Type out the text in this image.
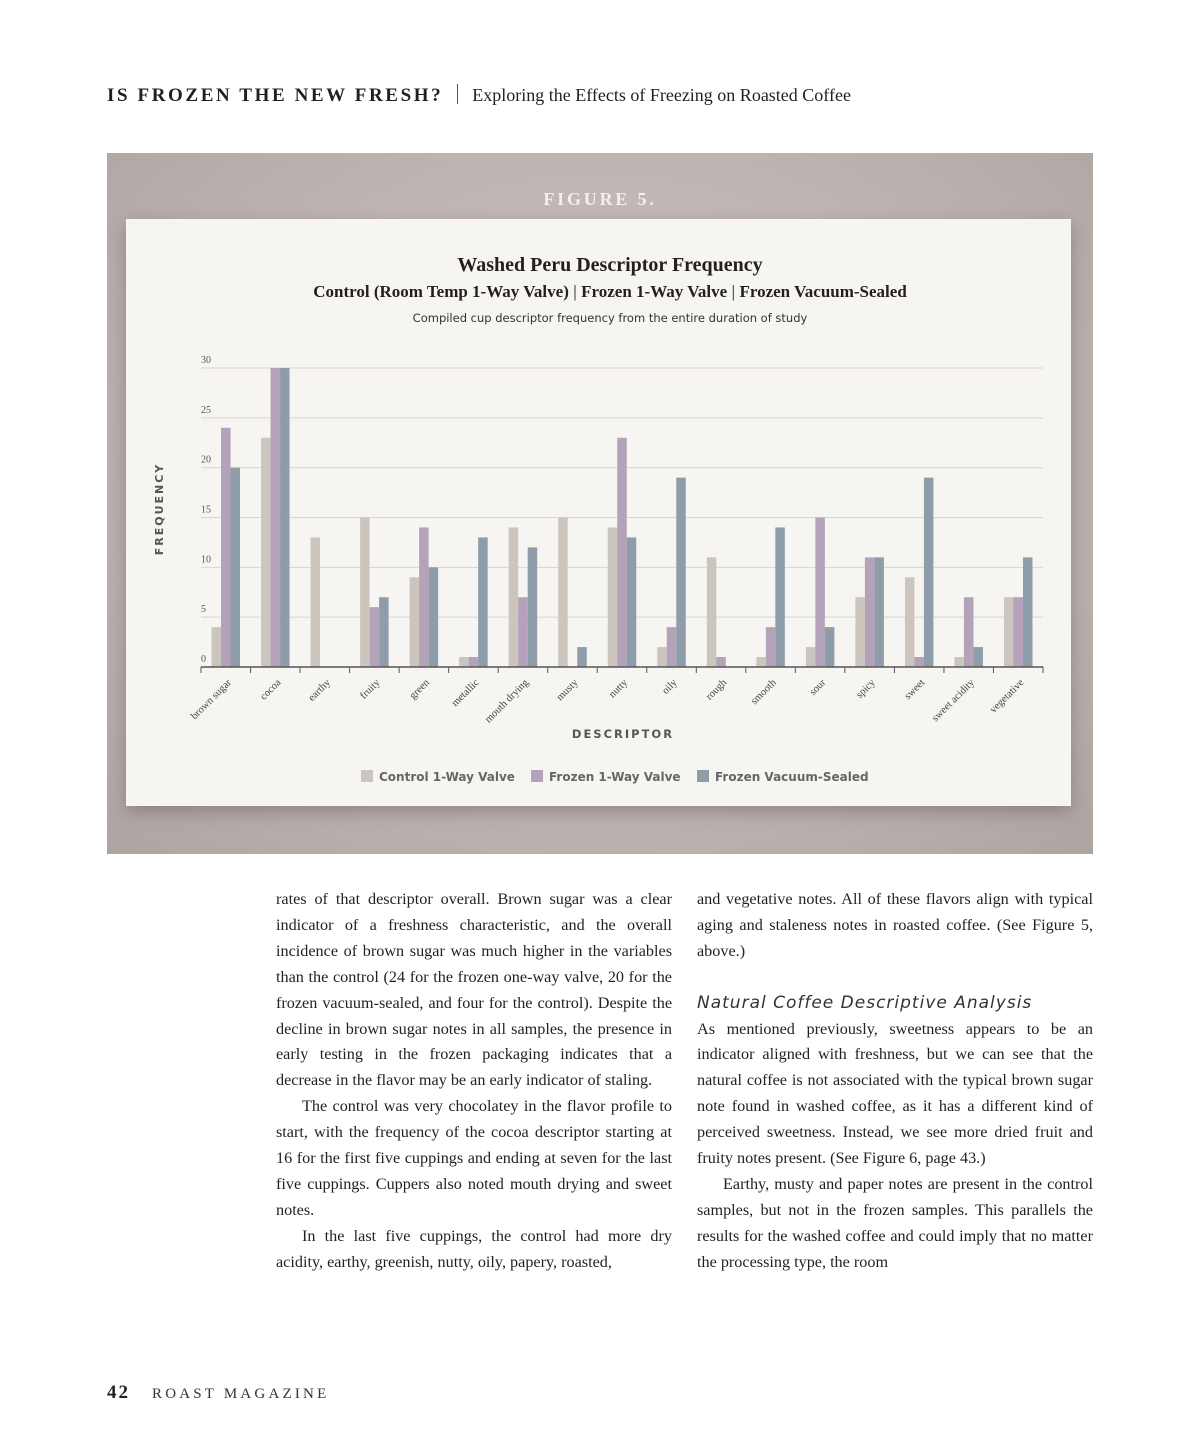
IS FROZEN THE NEW FRESH? Exploring the Effects of Freezing on Roasted Coffee
FIGURE 5.
Washed Peru Descriptor Frequency
Control (Room Temp 1-Way Valve) | Frozen 1-Way Valve | Frozen Vacuum-Sealed
Compiled cup descriptor frequency from the entire duration of study
FREQUENCY
DESCRIPTOR
0
5
10
15
20
25
30
brown sugar cocoa earthy fruity green metallic mouth drying musty	nutty	oily rough smooth	sour spicy sweet sweet acidity vegetative
Control 1-Way Valve	Frozen 1-Way Valve	Frozen Vacuum-Sealed

rates of that descriptor overall. Brown sugar was a clear indicator of a freshness characteristic, and the overall incidence of brown sugar was much higher in the variables than the control (24 for the frozen one-way valve, 20 for the frozen vacuum-sealed, and four for the control). Despite the decline in brown sugar notes in all samples, the presence in early testing in the frozen packaging indicates that a decrease in the flavor may be an early indicator of staling.

The control was very chocolatey in the flavor profile to start, with the frequency of the cocoa descriptor starting at 16 for the first five cuppings and ending at seven for the last five cuppings. Cuppers also noted mouth drying and sweet notes.

In the last five cuppings, the control had more dry acidity, earthy, greenish, nutty, oily, papery, roasted,

and vegetative notes. All of these flavors align with typical aging and staleness notes in roasted coffee. (See Figure 5, above.)

Natural Coffee Descriptive Analysis

As mentioned previously, sweetness appears to be an indicator aligned with freshness, but we can see that the natural coffee is not associated with the typical brown sugar note found in washed coffee, as it has a different kind of perceived sweetness. Instead, we see more dried fruit and fruity notes present. (See Figure 6, page 43.)

Earthy, musty and paper notes are present in the control samples, but not in the frozen samples. This parallels the results for the washed coffee and could imply that no matter the processing type, the room

42 ROAST MAGAZINE
